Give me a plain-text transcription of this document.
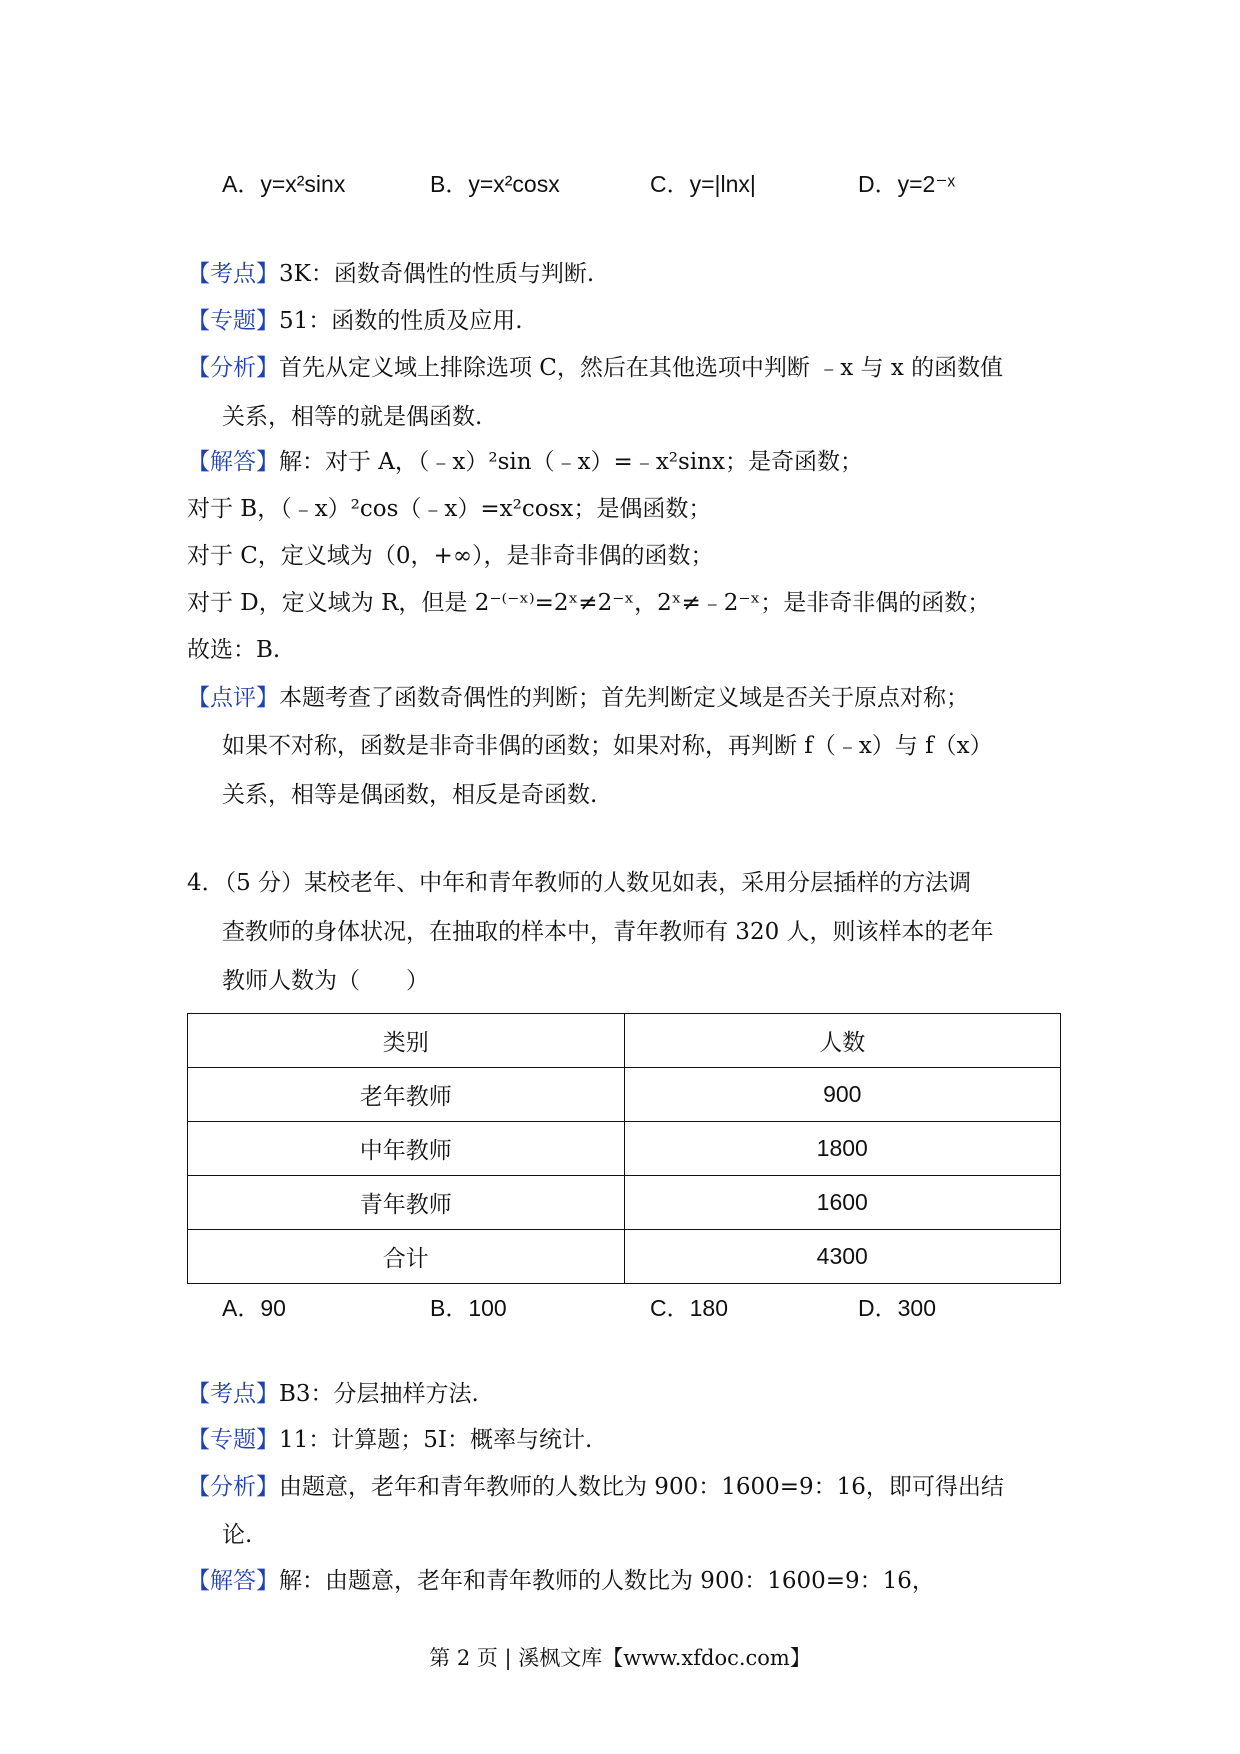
A．y=x²sinx	B．y=x²cosx	C．y=|lnx|	D．y=2⁻ˣ
【考点】3K：函数奇偶性的性质与判断.
【专题】51：函数的性质及应用.
【分析】首先从定义域上排除选项 C，然后在其他选项中判断 ﹣x 与 x 的函数值
关系，相等的就是偶函数.
【解答】解：对于 A，（﹣x）²sin（﹣x）=﹣x²sinx；是奇函数；
对于 B，（﹣x）²cos（﹣x）=x²cosx；是偶函数；
对于 C，定义域为（0，+∞），是非奇非偶的函数；
对于 D，定义域为 R，但是 2⁻⁽⁻ˣ⁾=2ˣ≠2⁻ˣ，2ˣ≠﹣2⁻ˣ；是非奇非偶的函数；
故选：B.
【点评】本题考查了函数奇偶性的判断；首先判断定义域是否关于原点对称；
如果不对称，函数是非奇非偶的函数；如果对称，再判断 f（﹣x）与 f（x）
关系，相等是偶函数，相反是奇函数.
4．（5 分）某校老年、中年和青年教师的人数见如表，采用分层插样的方法调
查教师的身体状况，在抽取的样本中，青年教师有 320 人，则该样本的老年
教师人数为（　　）
类别	人数
老年教师	900
中年教师	1800
青年教师	1600
合计	4300
A．90	B．100	C．180	D．300
【考点】B3：分层抽样方法.
【专题】11：计算题；5I：概率与统计.
【分析】由题意，老年和青年教师的人数比为 900：1600=9：16，即可得出结
论.
【解答】解：由题意，老年和青年教师的人数比为 900：1600=9：16，
第 2 页 | 溪枫文库【www.xfdoc.com】
